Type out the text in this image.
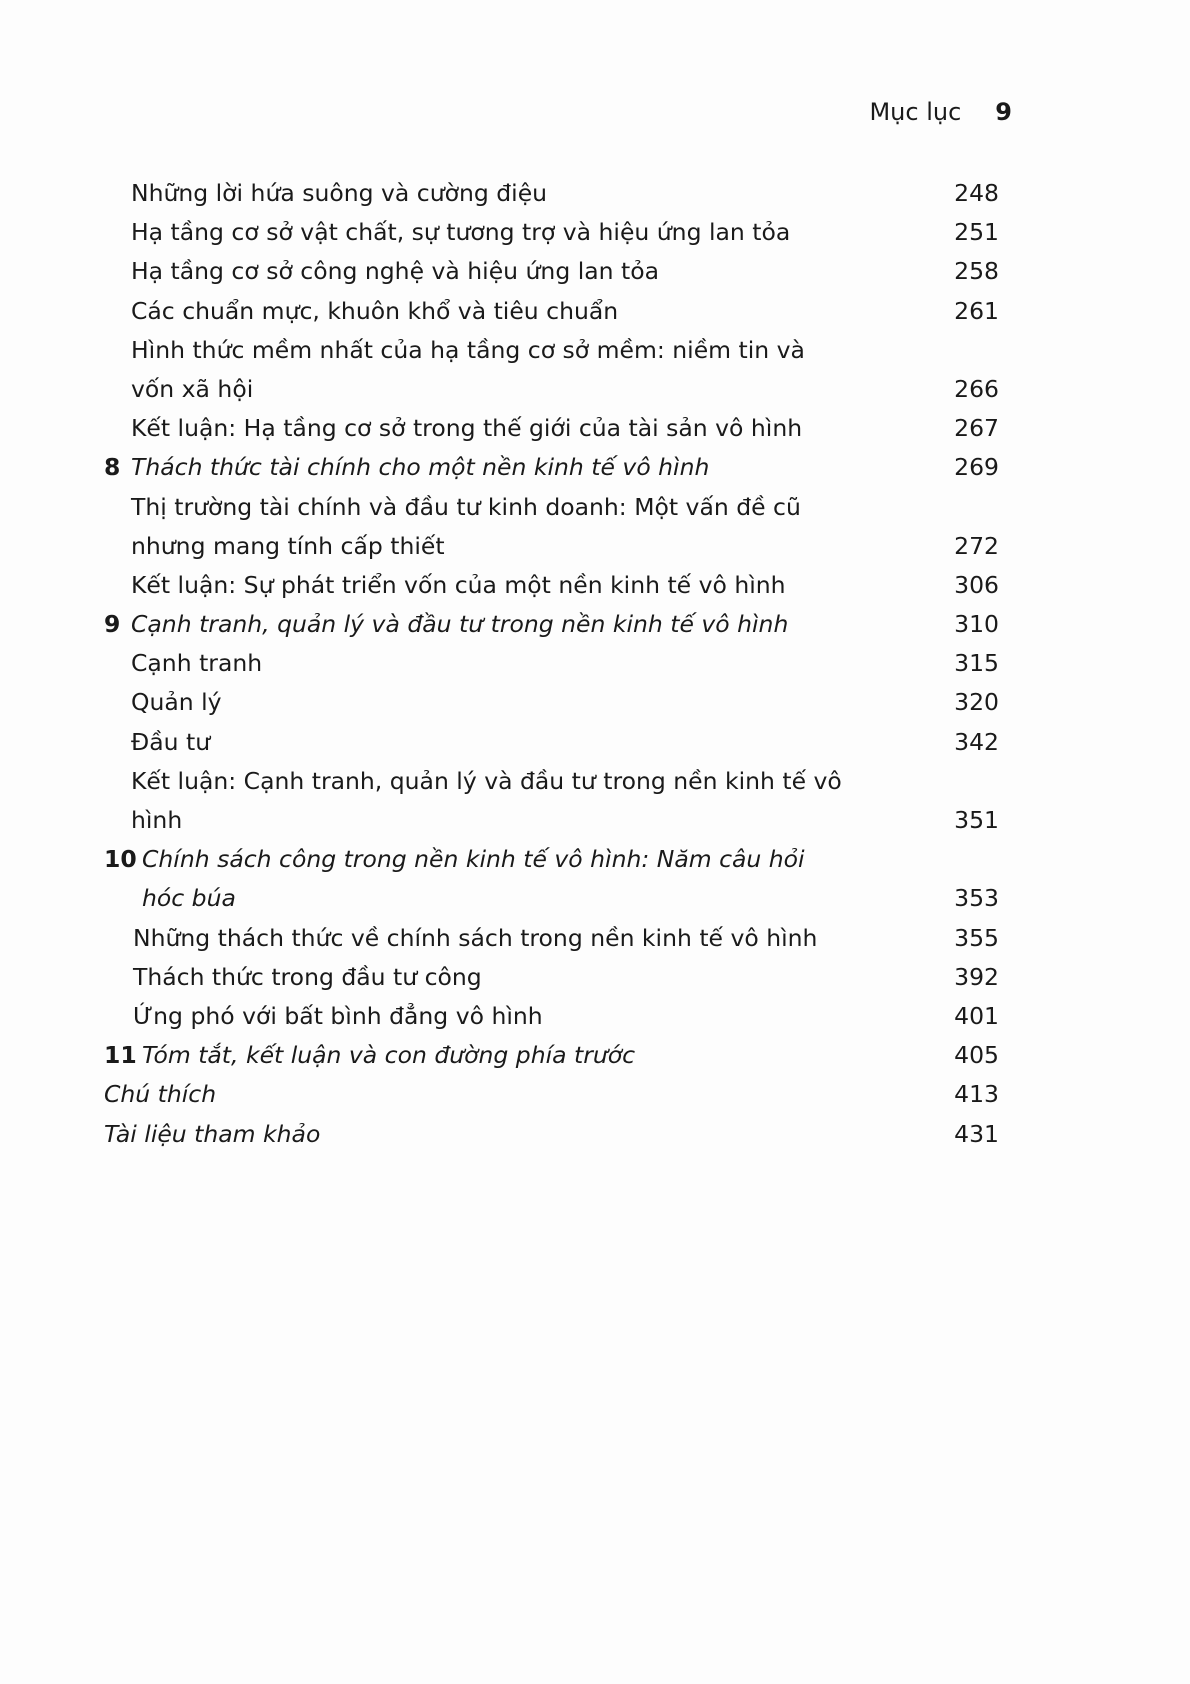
Mục lục 9
Những lời hứa suông và cường điệu	248
Hạ tầng cơ sở vật chất, sự tương trợ và hiệu ứng lan tỏa	251
Hạ tầng cơ sở công nghệ và hiệu ứng lan tỏa	258
Các chuẩn mực, khuôn khổ và tiêu chuẩn	261
Hình thức mềm nhất của hạ tầng cơ sở mềm: niềm tin và
vốn xã hội	266
Kết luận: Hạ tầng cơ sở trong thế giới của tài sản vô hình	267
8 Thách thức tài chính cho một nền kinh tế vô hình	269
Thị trường tài chính và đầu tư kinh doanh: Một vấn đề cũ
nhưng mang tính cấp thiết	272
Kết luận: Sự phát triển vốn của một nền kinh tế vô hình	306
9 Cạnh tranh, quản lý và đầu tư trong nền kinh tế vô hình	310
Cạnh tranh	315
Quản lý	320
Đầu tư	342
Kết luận: Cạnh tranh, quản lý và đầu tư trong nền kinh tế vô
hình	351
10 Chính sách công trong nền kinh tế vô hình: Năm câu hỏi
hóc búa	353
Những thách thức về chính sách trong nền kinh tế vô hình	355
Thách thức trong đầu tư công	392
Ứng phó với bất bình đẳng vô hình	401
11 Tóm tắt, kết luận và con đường phía trước	405
Chú thích	413
Tài liệu tham khảo	431
